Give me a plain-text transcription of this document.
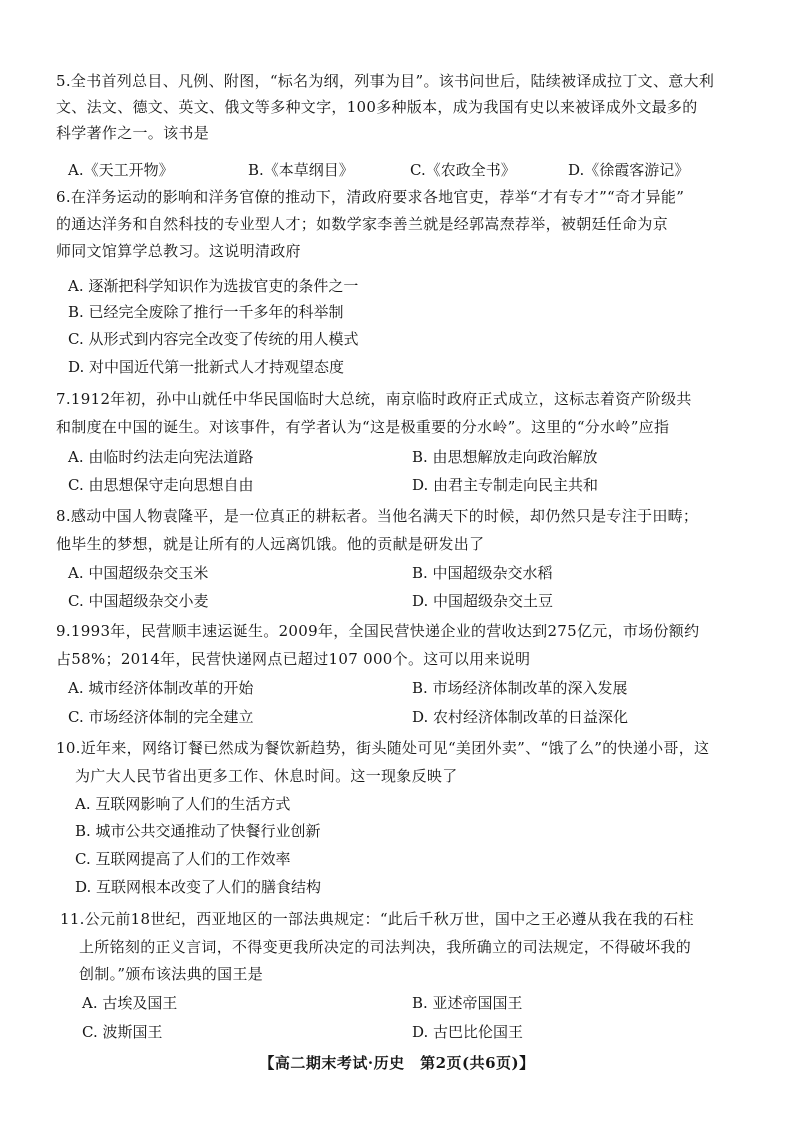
5.全书首列总目、凡例、附图，“标名为纲，列事为目”。该书问世后，陆续被译成拉丁文、意大利
文、法文、德文、英文、俄文等多种文字，100多种版本，成为我国有史以来被译成外文最多的
科学著作之一。该书是
A.《天工开物》	B.《本草纲目》	C.《农政全书》	D.《徐霞客游记》
6.在洋务运动的影响和洋务官僚的推动下，清政府要求各地官吏，荐举“才有专才”“奇才异能”
的通达洋务和自然科技的专业型人才；如数学家李善兰就是经郭嵩焘荐举，被朝廷任命为京
师同文馆算学总教习。这说明清政府
A. 逐渐把科学知识作为选拔官吏的条件之一
B. 已经完全废除了推行一千多年的科举制
C. 从形式到内容完全改变了传统的用人模式
D. 对中国近代第一批新式人才持观望态度
7.1912年初，孙中山就任中华民国临时大总统，南京临时政府正式成立，这标志着资产阶级共
和制度在中国的诞生。对该事件，有学者认为“这是极重要的分水岭”。这里的“分水岭”应指
A. 由临时约法走向宪法道路	B. 由思想解放走向政治解放
C. 由思想保守走向思想自由	D. 由君主专制走向民主共和
8.感动中国人物袁隆平，是一位真正的耕耘者。当他名满天下的时候，却仍然只是专注于田畴；
他毕生的梦想，就是让所有的人远离饥饿。他的贡献是研发出了
A. 中国超级杂交玉米	B. 中国超级杂交水稻
C. 中国超级杂交小麦	D. 中国超级杂交土豆
9.1993年，民营顺丰速运诞生。2009年，全国民营快递企业的营收达到275亿元，市场份额约
占58%；2014年，民营快递网点已超过107 000个。这可以用来说明
A. 城市经济体制改革的开始	B. 市场经济体制改革的深入发展
C. 市场经济体制的完全建立	D. 农村经济体制改革的日益深化
10.近年来，网络订餐已然成为餐饮新趋势，街头随处可见“美团外卖”、“饿了么”的快递小哥，这
为广大人民节省出更多工作、休息时间。这一现象反映了
A. 互联网影响了人们的生活方式
B. 城市公共交通推动了快餐行业创新
C. 互联网提高了人们的工作效率
D. 互联网根本改变了人们的膳食结构
11.公元前18世纪，西亚地区的一部法典规定：“此后千秋万世，国中之王必遵从我在我的石柱
上所铭刻的正义言词，不得变更我所决定的司法判决，我所确立的司法规定，不得破坏我的
创制。”颁布该法典的国王是
A. 古埃及国王	B. 亚述帝国国王
C. 波斯国王	D. 古巴比伦国王
【高二期末考试·历史　第2页(共6页)】
